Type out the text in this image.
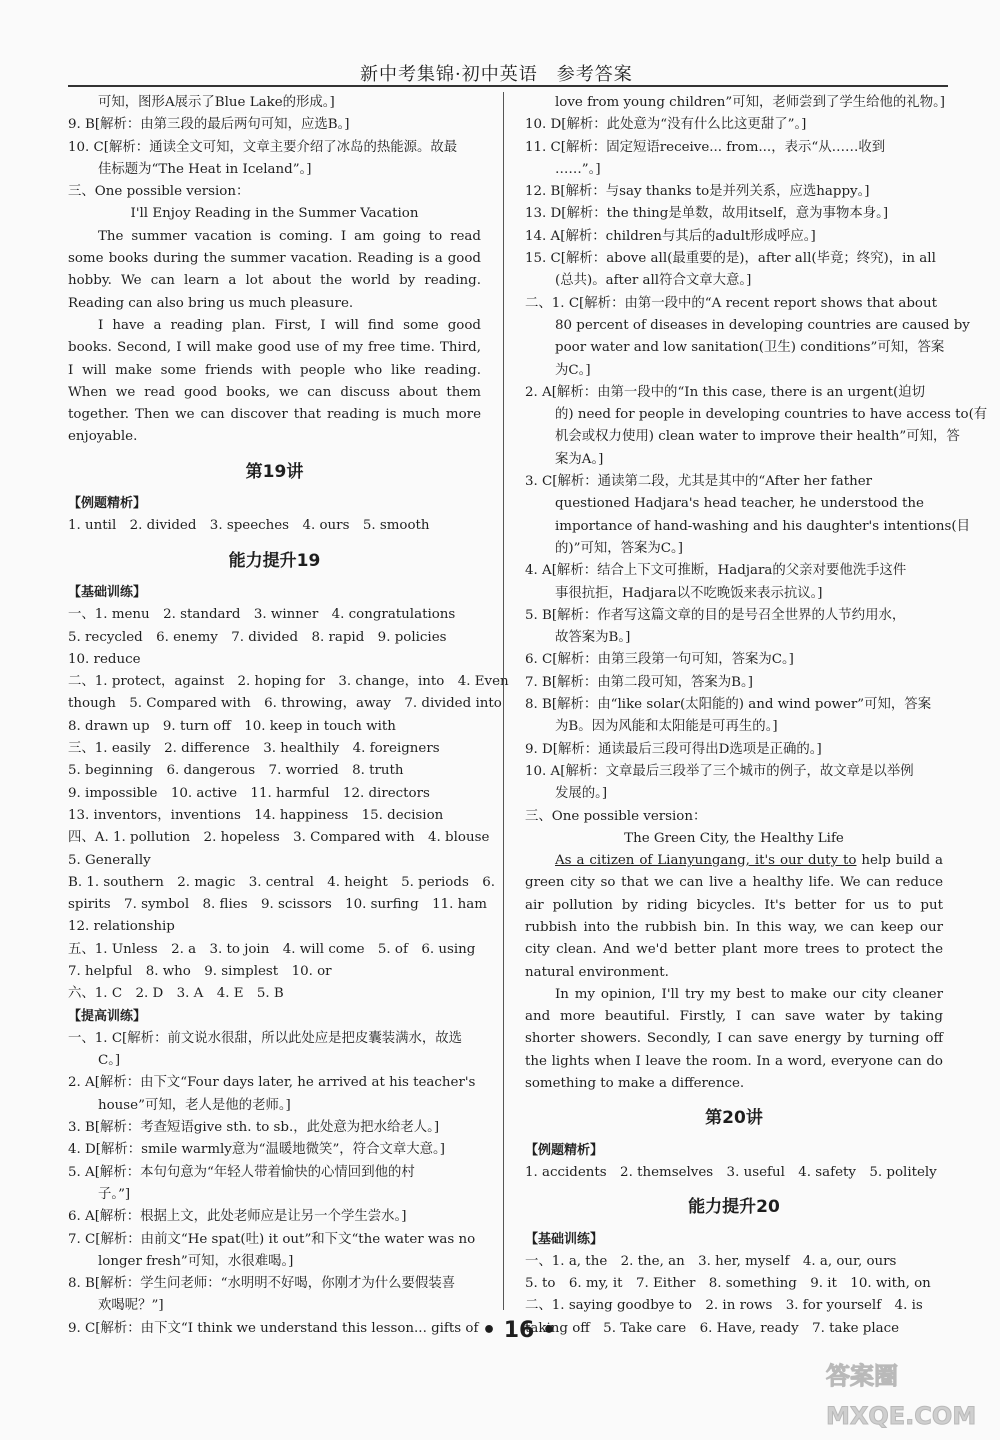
新中考集锦·初中英语　参考答案
可知，图形A展示了Blue Lake的形成。]
9. B[解析：由第三段的最后两句可知，应选B。]
10. C[解析：通读全文可知，文章主要介绍了冰岛的热能源。故最
佳标题为“The Heat in Iceland”。]
三、One possible version：
I'll Enjoy Reading in the Summer Vacation
The summer vacation is coming. I am going to read some books during the summer vacation. Reading is a good hobby. We can learn a lot about the world by reading. Reading can also bring us much pleasure.
I have a reading plan. First, I will find some good books. Second, I will make good use of my free time. Third, I will make some friends with people who like reading. When we read good books, we can discuss about them together. Then we can discover that reading is much more enjoyable.
第19讲
【例题精析】
1. until　2. divided　3. speeches　4. ours　5. smooth
能力提升19
【基础训练】
一、1. menu　2. standard　3. winner　4. congratulations
5. recycled　6. enemy　7. divided　8. rapid　9. policies
10. reduce
二、1. protect，against　2. hoping for　3. change，into　4. Even
though　5. Compared with　6. throwing，away　7. divided into
8. drawn up　9. turn off　10. keep in touch with
三、1. easily　2. difference　3. healthily　4. foreigners
5. beginning　6. dangerous　7. worried　8. truth
9. impossible　10. active　11. harmful　12. directors
13. inventors，inventions　14. happiness　15. decision
四、A. 1. pollution　2. hopeless　3. Compared with　4. blouse
5. Generally
B. 1. southern　2. magic　3. central　4. height　5. periods　6.
spirits　7. symbol　8. flies　9. scissors　10. surfing　11. ham
12. relationship
五、1. Unless　2. a　3. to join　4. will come　5. of　6. using
7. helpful　8. who　9. simplest　10. or
六、1. C　2. D　3. A　4. E　5. B
【提高训练】
一、1. C[解析：前文说水很甜，所以此处应是把皮囊装满水，故选
C。]
2. A[解析：由下文“Four days later, he arrived at his teacher's
house”可知，老人是他的老师。]
3. B[解析：考查短语give sth. to sb.，此处意为把水给老人。]
4. D[解析：smile warmly意为“温暖地微笑”，符合文章大意。]
5. A[解析：本句句意为“年轻人带着愉快的心情回到他的村
子。”]
6. A[解析：根据上文，此处老师应是让另一个学生尝水。]
7. C[解析：由前文“He spat(吐) it out”和下文“the water was no
longer fresh”可知，水很难喝。]
8. B[解析：学生问老师：“水明明不好喝，你刚才为什么要假装喜
欢喝呢？”]
9. C[解析：由下文“I think we understand this lesson... gifts of
love from young children”可知，老师尝到了学生给他的礼物。]
10. D[解析：此处意为“没有什么比这更甜了”。]
11. C[解析：固定短语receive... from...，表示“从……收到
……”。]
12. B[解析：与say thanks to是并列关系，应选happy。]
13. D[解析：the thing是单数，故用itself，意为事物本身。]
14. A[解析：children与其后的adult形成呼应。]
15. C[解析：above all(最重要的是)，after all(毕竟；终究)，in all
(总共)。after all符合文章大意。]
二、1. C[解析：由第一段中的“A recent report shows that about
80 percent of diseases in developing countries are caused by
poor water and low sanitation(卫生) conditions”可知，答案
为C。]
2. A[解析：由第一段中的“In this case, there is an urgent(迫切
的) need for people in developing countries to have access to(有
机会或权力使用) clean water to improve their health”可知，答
案为A。]
3. C[解析：通读第二段，尤其是其中的“After her father
questioned Hadjara's head teacher, he understood the
importance of hand-washing and his daughter's intentions(目
的)”可知，答案为C。]
4. A[解析：结合上下文可推断，Hadjara的父亲对要他洗手这件
事很抗拒，Hadjara以不吃晚饭来表示抗议。]
5. B[解析：作者写这篇文章的目的是号召全世界的人节约用水，
故答案为B。]
6. C[解析：由第三段第一句可知，答案为C。]
7. B[解析：由第二段可知，答案为B。]
8. B[解析：由“like solar(太阳能的) and wind power”可知，答案
为B。因为风能和太阳能是可再生的。]
9. D[解析：通读最后三段可得出D选项是正确的。]
10. A[解析：文章最后三段举了三个城市的例子，故文章是以举例
发展的。]
三、One possible version：
The Green City, the Healthy Life
As a citizen of Lianyungang, it's our duty to help build a green city so that we can live a healthy life. We can reduce air pollution by riding bicycles. It's better for us to put rubbish into the rubbish bin. In this way, we can keep our city clean. And we'd better plant more trees to protect the natural environment.
In my opinion, I'll try my best to make our city cleaner and more beautiful. Firstly, I can save water by taking shorter showers. Secondly, I can save energy by turning off the lights when I leave the room. In a word, everyone can do something to make a difference.
第20讲
【例题精析】
1. accidents　2. themselves　3. useful　4. safety　5. politely
能力提升20
【基础训练】
一、1. a, the　2. the, an　3. her, myself　4. a, our, ours
5. to　6. my, it　7. Either　8. something　9. it　10. with, on
二、1. saying goodbye to　2. in rows　3. for yourself　4. is
taking off　5. Take care　6. Have, ready　7. take place
• 16 •
答案圈
MXQE.COM
